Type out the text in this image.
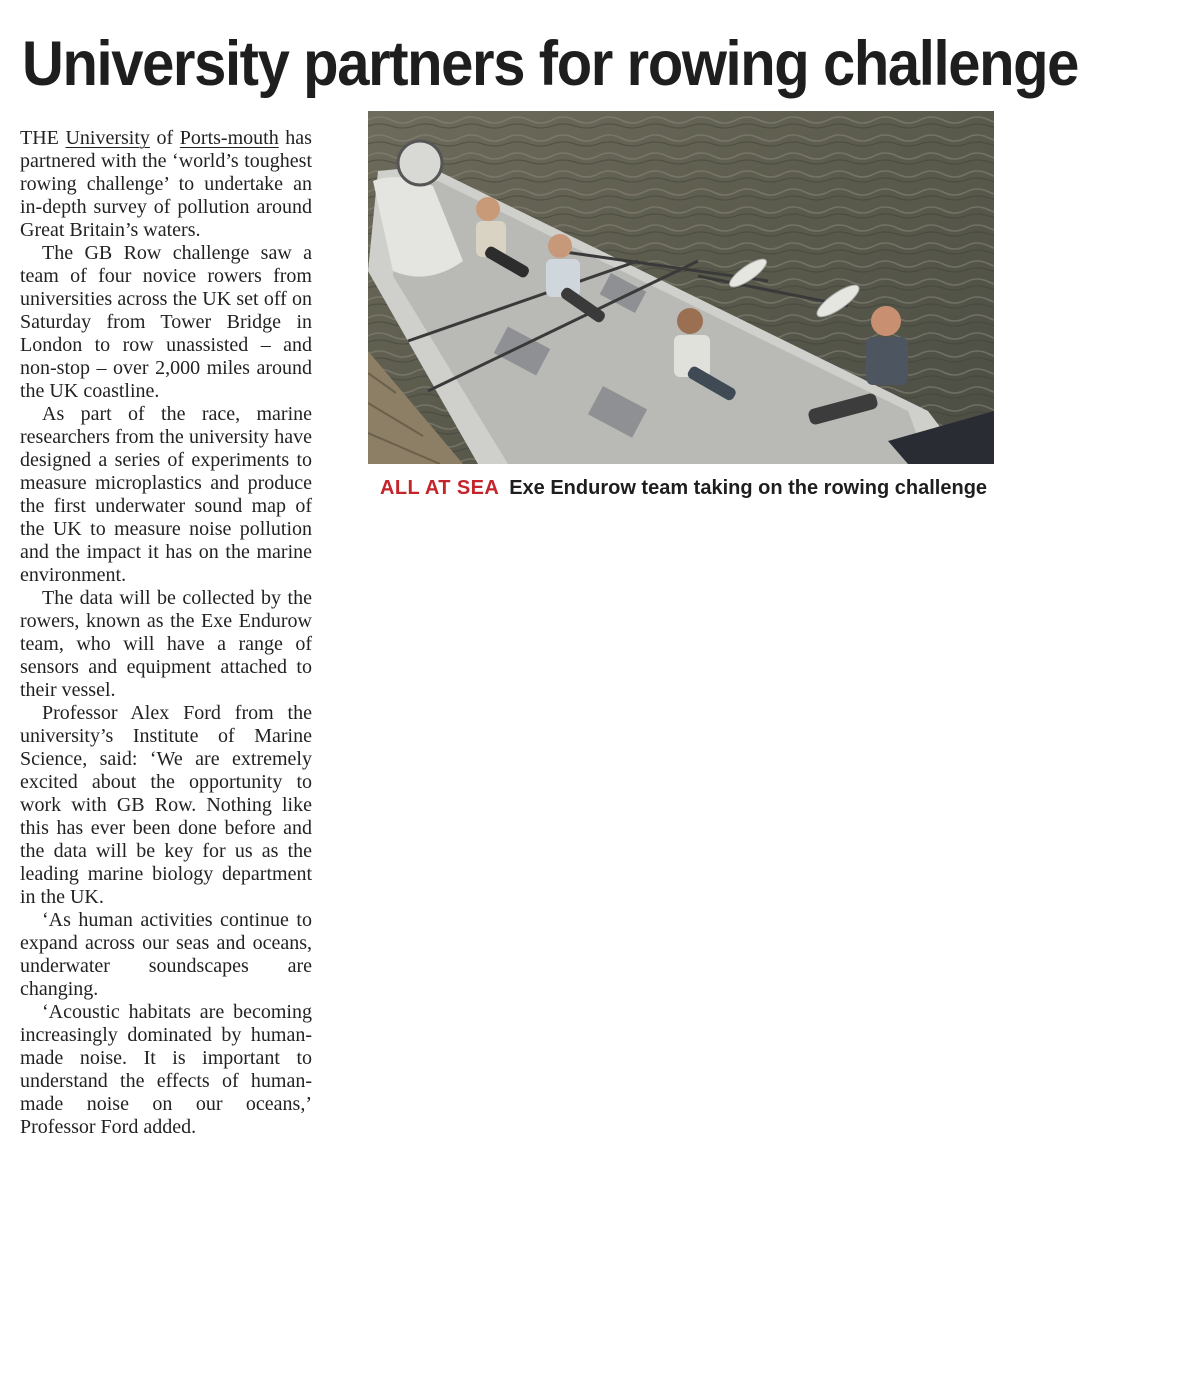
University partners for rowing challenge

THE University of Ports-mouth has partnered with the ‘world’s toughest rowing challenge’ to undertake an in-depth survey of pollution around Great Britain’s waters.

The GB Row challenge saw a team of four novice rowers from universities across the UK set off on Saturday from Tower Bridge in London to row unassisted – and non-stop – over 2,000 miles around the UK coastline.

As part of the race, marine researchers from the university have designed a series of experiments to measure microplastics and produce the first underwater sound map of the UK to measure noise pollution and the impact it has on the marine environment.

The data will be collected by the rowers, known as the Exe Endurow team, who will have a range of sensors and equipment attached to their vessel.

Professor Alex Ford from the university’s Institute of Marine Science, said: ‘We are extremely excited about the opportunity to work with GB Row. Nothing like this has ever been done before and the data will be key for us as the leading marine biology department in the UK.

‘As human activities continue to expand across our seas and oceans, underwater soundscapes are changing.

‘Acoustic habitats are becoming increasingly dominated by human-made noise. It is important to understand the effects of human-made noise on our oceans,’ Professor Ford added.

ALL AT SEA Exe Endurow team taking on the rowing challenge
